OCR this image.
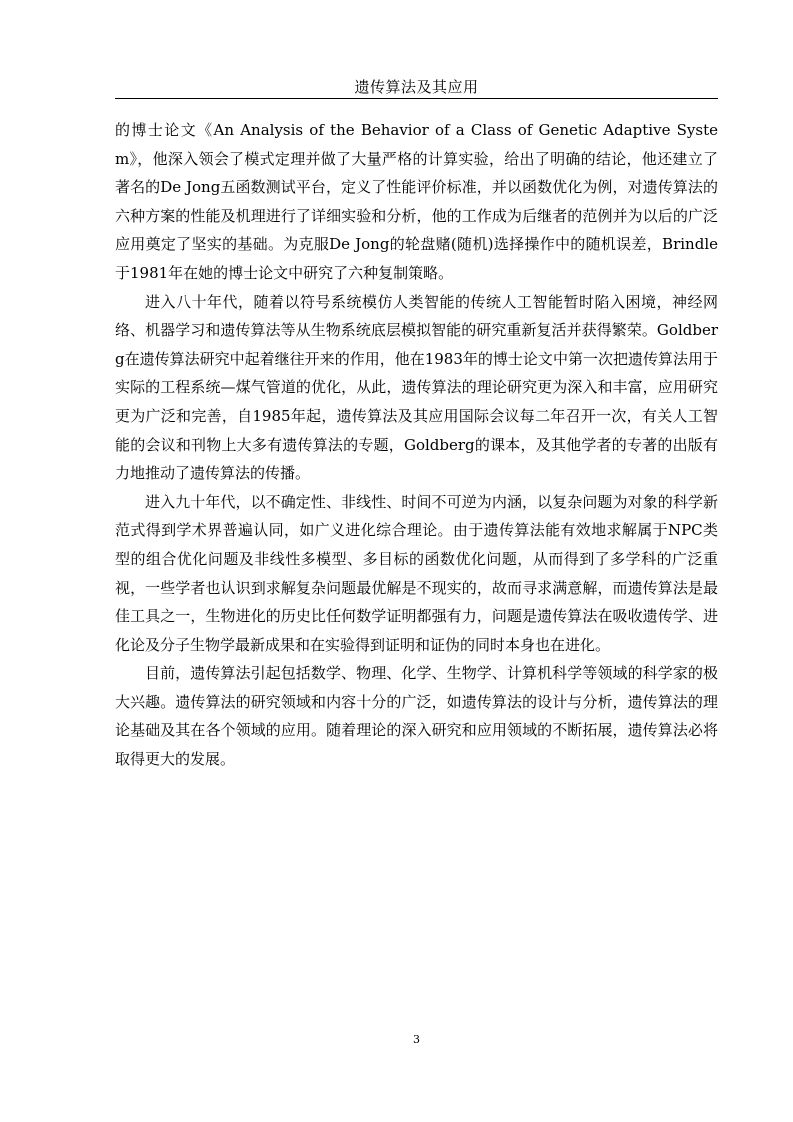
遗传算法及其应用

的博士论文《An Analysis of the Behavior of a Class of Genetic Adaptive System》，他深入领会了模式定理并做了大量严格的计算实验，给出了明确的结论，他还建立了著名的De Jong五函数测试平台，定义了性能评价标准，并以函数优化为例，对遗传算法的六种方案的性能及机理进行了详细实验和分析，他的工作成为后继者的范例并为以后的广泛应用奠定了坚实的基础。为克服De Jong的轮盘赌(随机)选择操作中的随机误差，Brindle于1981年在她的博士论文中研究了六种复制策略。

进入八十年代，随着以符号系统模仿人类智能的传统人工智能暂时陷入困境，神经网络、机器学习和遗传算法等从生物系统底层模拟智能的研究重新复活并获得繁荣。Goldberg在遗传算法研究中起着继往开来的作用，他在1983年的博士论文中第一次把遗传算法用于实际的工程系统—煤气管道的优化，从此，遗传算法的理论研究更为深入和丰富，应用研究更为广泛和完善，自1985年起，遗传算法及其应用国际会议每二年召开一次，有关人工智能的会议和刊物上大多有遗传算法的专题，Goldberg的课本，及其他学者的专著的出版有力地推动了遗传算法的传播。

进入九十年代，以不确定性、非线性、时间不可逆为内涵，以复杂问题为对象的科学新范式得到学术界普遍认同，如广义进化综合理论。由于遗传算法能有效地求解属于NPC类型的组合优化问题及非线性多模型、多目标的函数优化问题，从而得到了多学科的广泛重视，一些学者也认识到求解复杂问题最优解是不现实的，故而寻求满意解，而遗传算法是最佳工具之一，生物进化的历史比任何数学证明都强有力，问题是遗传算法在吸收遗传学、进化论及分子生物学最新成果和在实验得到证明和证伪的同时本身也在进化。

目前，遗传算法引起包括数学、物理、化学、生物学、计算机科学等领域的科学家的极大兴趣。遗传算法的研究领域和内容十分的广泛，如遗传算法的设计与分析，遗传算法的理论基础及其在各个领域的应用。随着理论的深入研究和应用领域的不断拓展，遗传算法必将取得更大的发展。

3
